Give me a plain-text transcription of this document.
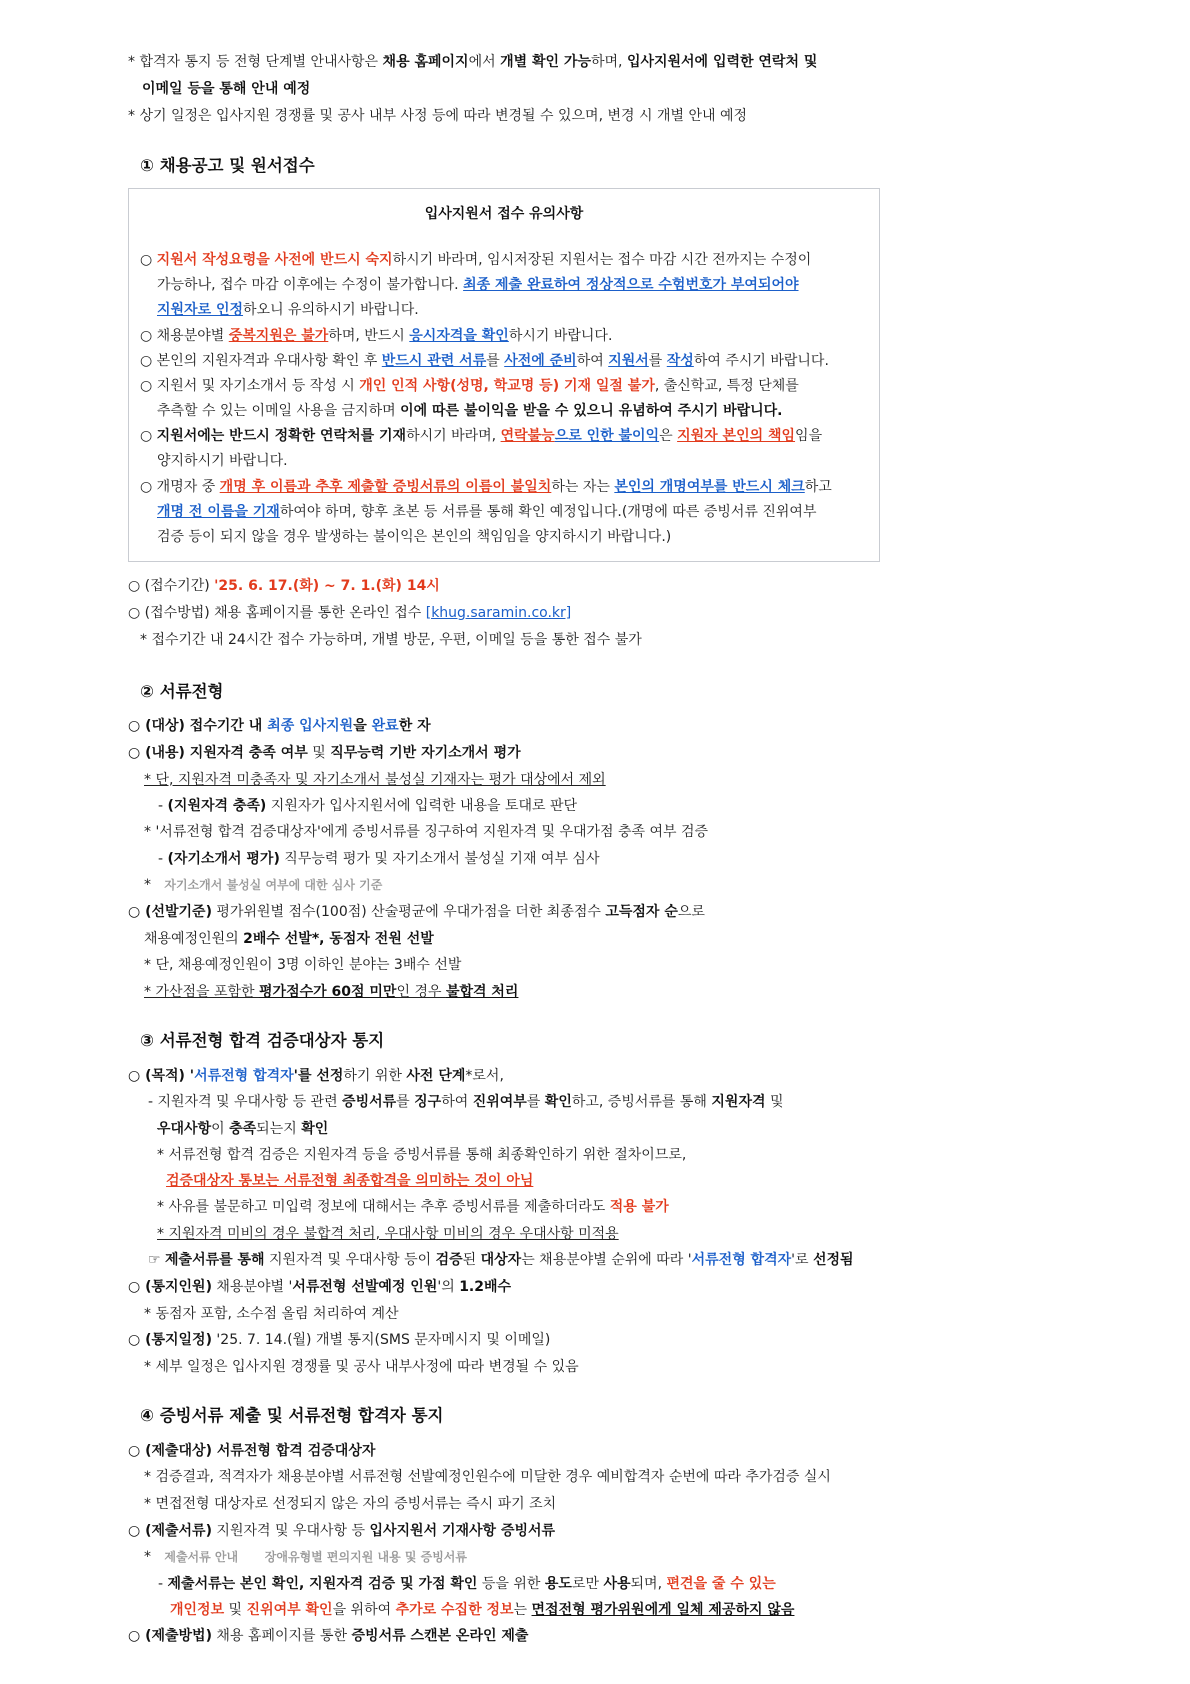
* 합격자 통지 등 전형 단계별 안내사항은 채용 홈페이지에서 개별 확인 가능하며, 입사지원서에 입력한 연락처 및
이메일 등을 통해 안내 예정
* 상기 일정은 입사지원 경쟁률 및 공사 내부 사정 등에 따라 변경될 수 있으며, 변경 시 개별 안내 예정
① 채용공고 및 원서접수
입사지원서 접수 유의사항
○ 지원서 작성요령을 사전에 반드시 숙지하시기 바라며, 임시저장된 지원서는 접수 마감 시간 전까지는 수정이
가능하나, 접수 마감 이후에는 수정이 불가합니다. 최종 제출 완료하여 정상적으로 수험번호가 부여되어야
지원자로 인정하오니 유의하시기 바랍니다.
○ 채용분야별 중복지원은 불가하며, 반드시 응시자격을 확인하시기 바랍니다.
○ 본인의 지원자격과 우대사항 확인 후 반드시 관련 서류를 사전에 준비하여 지원서를 작성하여 주시기 바랍니다.
○ 지원서 및 자기소개서 등 작성 시 개인 인적 사항(성명, 학교명 등) 기재 일절 불가, 출신학교, 특정 단체를
추측할 수 있는 이메일 사용을 금지하며 이에 따른 불이익을 받을 수 있으니 유념하여 주시기 바랍니다.
○ 지원서에는 반드시 정확한 연락처를 기재하시기 바라며, 연락불능으로 인한 불이익은 지원자 본인의 책임임을
양지하시기 바랍니다.
○ 개명자 중 개명 후 이름과 추후 제출할 증빙서류의 이름이 불일치하는 자는 본인의 개명여부를 반드시 체크하고
개명 전 이름을 기재하여야 하며, 향후 초본 등 서류를 통해 확인 예정입니다.(개명에 따른 증빙서류 진위여부
검증 등이 되지 않을 경우 발생하는 불이익은 본인의 책임임을 양지하시기 바랍니다.)
○ (접수기간) '25. 6. 17.(화) ~ 7. 1.(화) 14시
○ (접수방법) 채용 홈페이지를 통한 온라인 접수 [khug.saramin.co.kr]
* 접수기간 내 24시간 접수 가능하며, 개별 방문, 우편, 이메일 등을 통한 접수 불가
② 서류전형
○ (대상) 접수기간 내 최종 입사지원을 완료한 자
○ (내용) 지원자격 충족 여부 및 직무능력 기반 자기소개서 평가
* 단, 지원자격 미충족자 및 자기소개서 불성실 기재자는 평가 대상에서 제외
- (지원자격 충족) 지원자가 입사지원서에 입력한 내용을 토대로 판단
* '서류전형 합격 검증대상자'에게 증빙서류를 징구하여 지원자격 및 우대가점 충족 여부 검증
- (자기소개서 평가) 직무능력 평가 및 자기소개서 불성실 기재 여부 심사
* 자기소개서 불성실 여부에 대한 심사 기준
○ (선발기준) 평가위원별 점수(100점) 산술평균에 우대가점을 더한 최종점수 고득점자 순으로
채용예정인원의 2배수 선발*, 동점자 전원 선발
* 단, 채용예정인원이 3명 이하인 분야는 3배수 선발
* 가산점을 포함한 평가점수가 60점 미만인 경우 불합격 처리
③ 서류전형 합격 검증대상자 통지
○ (목적) '서류전형 합격자'를 선정하기 위한 사전 단계*로서,
- 지원자격 및 우대사항 등 관련 증빙서류를 징구하여 진위여부를 확인하고, 증빙서류를 통해 지원자격 및
우대사항이 충족되는지 확인
* 서류전형 합격 검증은 지원자격 등을 증빙서류를 통해 최종확인하기 위한 절차이므로,
검증대상자 통보는 서류전형 최종합격을 의미하는 것이 아님
* 사유를 불문하고 미입력 정보에 대해서는 추후 증빙서류를 제출하더라도 적용 불가
* 지원자격 미비의 경우 불합격 처리, 우대사항 미비의 경우 우대사항 미적용
☞ 제출서류를 통해 지원자격 및 우대사항 등이 검증된 대상자는 채용분야별 순위에 따라 '서류전형 합격자'로 선정됨
○ (통지인원) 채용분야별 '서류전형 선발예정 인원'의 1.2배수
* 동점자 포함, 소수점 올림 처리하여 계산
○ (통지일정) '25. 7. 14.(월) 개별 통지(SMS 문자메시지 및 이메일)
* 세부 일정은 입사지원 경쟁률 및 공사 내부사정에 따라 변경될 수 있음
④ 증빙서류 제출 및 서류전형 합격자 통지
○ (제출대상) 서류전형 합격 검증대상자
* 검증결과, 적격자가 채용분야별 서류전형 선발예정인원수에 미달한 경우 예비합격자 순번에 따라 추가검증 실시
* 면접전형 대상자로 선정되지 않은 자의 증빙서류는 즉시 파기 조치
○ (제출서류) 지원자격 및 우대사항 등 입사지원서 기재사항 증빙서류
* 제출서류 안내 장애유형별 편의지원 내용 및 증빙서류
- 제출서류는 본인 확인, 지원자격 검증 및 가점 확인 등을 위한 용도로만 사용되며, 편견을 줄 수 있는
개인정보 및 진위여부 확인을 위하여 추가로 수집한 정보는 면접전형 평가위원에게 일체 제공하지 않음
○ (제출방법) 채용 홈페이지를 통한 증빙서류 스캔본 온라인 제출
